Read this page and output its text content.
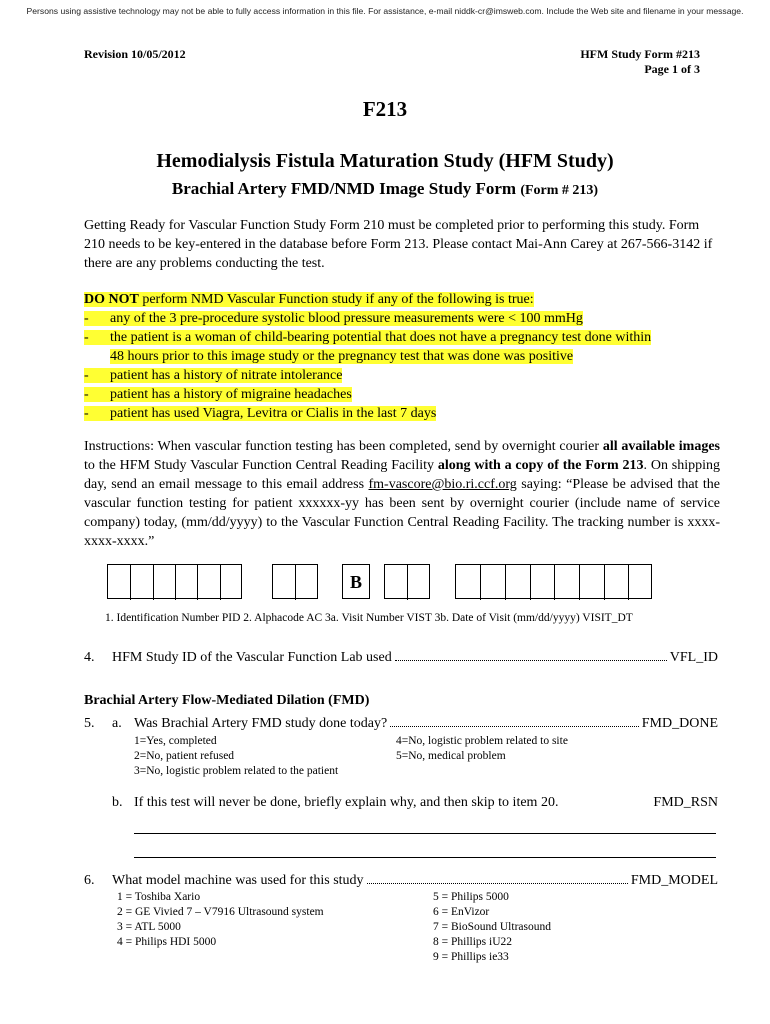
Persons using assistive technology may not be able to fully access information in this file. For assistance, e-mail niddk-cr@imsweb.com. Include the Web site and filename in your message.
Revision 10/05/2012	HFM Study Form #213
Page 1 of 3
F213
Hemodialysis Fistula Maturation Study (HFM Study)
Brachial Artery FMD/NMD Image Study Form (Form # 213)
Getting Ready for Vascular Function Study Form 210 must be completed prior to performing this study. Form 210 needs to be key-entered in the database before Form 213. Please contact Mai-Ann Carey at 267-566-3142 if there are any problems conducting the test.
DO NOT perform NMD Vascular Function study if any of the following is true:
- any of the 3 pre-procedure systolic blood pressure measurements were < 100 mmHg
- the patient is a woman of child-bearing potential that does not have a pregnancy test done within
48 hours prior to this image study or the pregnancy test that was done was positive
- patient has a history of nitrate intolerance
- patient has a history of migraine headaches
- patient has used Viagra, Levitra or Cialis in the last 7 days
Instructions: When vascular function testing has been completed, send by overnight courier all available images to the HFM Study Vascular Function Central Reading Facility along with a copy of the Form 213. On shipping day, send an email message to this email address fm-vascore@bio.ri.ccf.org saying: “Please be advised that the vascular function testing for patient xxxxxx-yy has been sent by overnight courier (include name of service company) today, (mm/dd/yyyy) to the Vascular Function Central Reading Facility. The tracking number is xxxx-xxxx-xxxx.”
B
1. Identification Number PID 2. Alphacode AC 3a. Visit Number VIST 3b. Date of Visit (mm/dd/yyyy) VISIT_DT
4.	HFM Study ID of the Vascular Function Lab used	VFL_ID
Brachial Artery Flow-Mediated Dilation (FMD)
5.	a. Was Brachial Artery FMD study done today?	FMD_DONE
1=Yes, completed
2=No, patient refused
3=No, logistic problem related to the patient
4=No, logistic problem related to site
5=No, medical problem
b. If this test will never be done, briefly explain why, and then skip to item 20.	FMD_RSN
6.	What model machine was used for this study	FMD_MODEL
1 = Toshiba Xario
2 = GE Vivied 7 – V7916 Ultrasound system
3 = ATL 5000
4 = Philips HDI 5000
5 = Philips 5000
6 = EnVizor
7 = BioSound Ultrasound
8 = Phillips iU22
9 = Phillips ie33
